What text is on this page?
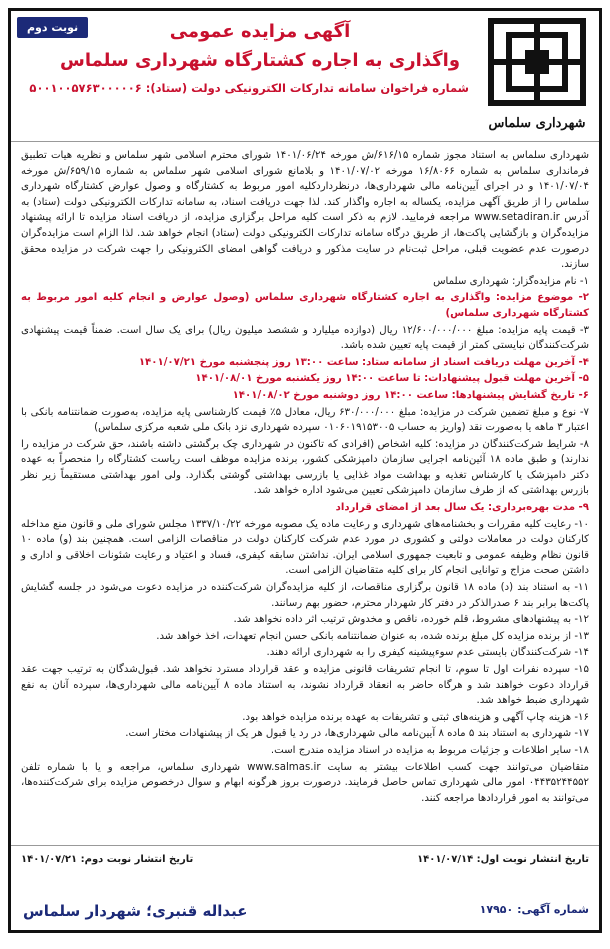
نوبت دوم
شهرداری سلماس

آگهی مزایده عمومی

واگذاری به اجاره کشتارگاه شهرداری سلماس

شماره فراخوان سامانه تدارکات الکترونیکی دولت (ستاد): ۵۰۰۱۰۰۵۷۶۳۰۰۰۰۰۶

شهرداری سلماس به استناد مجوز شماره ۶۱۶/۱۵/ش مورخه ۱۴۰۱/۰۶/۲۴ شورای محترم اسلامی شهر سلماس و نظریه هیات تطبیق فرمانداری سلماس به شماره ۱۶/۸۰۶۶ مورخه ۱۴۰۱/۰۷/۰۲ و بلامانع شورای اسلامی شهر سلماس به شماره ۶۵۹/۱۵/ش مورخه ۱۴۰۱/۰۷/۰۴ و در اجرای آیین‌نامه مالی شهرداری‌ها، درنظرداردکلیه امور مربوط به کشتارگاه و وصول عوارض کشتارگاه شهرداری سلماس را از طریق آگهی مزایده، یکساله به اجاره واگذار کند. لذا جهت دریافت اسناد، به سامانه تدارکات الکترونیکی دولت (ستاد) به آدرس www.setadiran.ir مراجعه فرمایید. لازم به ذکر است کلیه مراحل برگزاری مزایده، از دریافت اسناد مزایده تا ارائه پیشنهاد مزایده‌گران و بازگشایی پاکت‌ها، از طریق درگاه سامانه تدارکات الکترونیکی دولت (ستاد) انجام خواهد شد. لذا الزام است مزایده‌گران درصورت عدم عضویت قبلی، مراحل ثبت‌نام در سایت مذکور و دریافت گواهی امضای الکترونیکی را جهت شرکت در مزایده محقق سازند.

۱- نام مزایده‌گزار: شهرداری سلماس

۲- موضوع مزایده: واگذاری به اجاره کشتارگاه شهرداری سلماس (وصول عوارض و انجام کلیه امور مربوط به کشتارگاه شهرداری سلماس)

۳- قیمت پایه مزایده: مبلغ ۱۲/۶۰۰/۰۰۰/۰۰۰ ریال (دوازده میلیارد و ششصد میلیون ریال) برای یک سال است. ضمناً قیمت پیشنهادی شرکت‌کنندگان نبایستی کمتر از قیمت پایه تعیین شده باشد.

۴- آخرین مهلت دریافت اسناد از سامانه ستاد: ساعت ۱۳:۰۰ روز پنجشنبه مورخ ۱۴۰۱/۰۷/۲۱

۵- آخرین مهلت قبول پیشنهادات: تا ساعت ۱۴:۰۰ روز یکشنبه مورخ ۱۴۰۱/۰۸/۰۱

۶- تاریخ گشایش پیشنهادها: ساعت ۱۴:۰۰ روز دوشنبه مورخ ۱۴۰۱/۰۸/۰۲

۷- نوع و مبلغ تضمین شرکت در مزایده: مبلغ ۶۳۰/۰۰۰/۰۰۰ ریال، معادل ۵٪ قیمت کارشناسی پایه مزایده، به‌صورت ضمانتنامه بانکی با اعتبار ۳ ماهه یا به‌صورت نقد (واریز به حساب ۰۱۰۶۰۱۹۱۵۳۰۰۵ سپرده شهرداری نزد بانک ملی شعبه مرکزی سلماس)

۸- شرایط شرکت‌کنندگان در مزایده: کلیه اشخاص (افرادی که تاکنون در شهرداری چک برگشتی داشته باشند، حق شرکت در مزایده را ندارند) و طبق ماده ۱۸ آئین‌نامه اجرایی سازمان دامپزشکی کشور، برنده مزایده موظف است ریاست کشتارگاه را منحصراً به عهده دکتر دامپزشک یا کارشناس تغذیه و بهداشت مواد غذایی یا بازرسی بهداشتی گوشتی بگذارد. ولی امور بهداشتی مستقیماً زیر نظر بازرس بهداشتی که از طرف سازمان دامپزشکی تعیین می‌شود اداره خواهد شد.

۹- مدت بهره‌برداری: یک سال بعد از امضای قرارداد

۱۰- رعایت کلیه مقررات و بخشنامه‌های شهرداری و رعایت ماده یک مصوبه مورخه ۱۳۳۷/۱۰/۲۲ مجلس شورای ملی و قانون منع مداخله کارکنان دولت در معاملات دولتی و کشوری در مورد عدم شرکت کارکنان دولت در مناقصات الزامی است. همچنین بند (و) ماده ۱۰ قانون نظام وظیفه عمومی و تابعیت جمهوری اسلامی ایران. نداشتن سابقه کیفری، فساد و اعتیاد و رعایت شئونات اخلاقی و اداری و داشتن صحت مزاج و توانایی انجام کار برای کلیه متقاضیان الزامی است.

۱۱- به استناد بند (د) ماده ۱۸ قانون برگزاری مناقصات، از کلیه مزایده‌گران شرکت‌کننده در مزایده دعوت می‌شود در جلسه گشایش پاکت‌ها برابر بند ۶ صدرالذکر در دفتر کار شهردار محترم، حضور بهم رسانند.

۱۲- به پیشنهادهای مشروط، قلم خورده، ناقص و مخدوش ترتیب اثر داده نخواهد شد.

۱۳- از برنده مزایده کل مبلغ برنده شده، به عنوان ضمانتنامه بانکی حسن انجام تعهدات، اخذ خواهد شد.

۱۴- شرکت‌کنندگان بایستی عدم سوءپیشینه کیفری را به شهرداری ارائه دهند.

۱۵- سپرده نفرات اول تا سوم، تا انجام تشریفات قانونی مزایده و عقد قرارداد مسترد نخواهد شد. قبول‌شدگان به ترتیب جهت عقد قرارداد دعوت خواهند شد و هرگاه حاضر به انعقاد قرارداد نشوند، به استناد ماده ۸ آیین‌نامه مالی شهرداری‌ها، سپرده آنان به نفع شهرداری ضبط خواهد شد.

۱۶- هزینه چاپ آگهی و هزینه‌های ثبتی و تشریفات به عهده برنده مزایده خواهد بود.

۱۷- شهرداری به استناد بند ۵ ماده ۸ آیین‌نامه مالی شهرداری‌ها، در رد یا قبول هر یک از پیشنهادات مختار است.

۱۸- سایر اطلاعات و جزئیات مربوط به مزایده در اسناد مزایده مندرج است.

متقاضیان می‌توانند جهت کسب اطلاعات بیشتر به سایت www.salmas.ir شهرداری سلماس، مراجعه و یا با شماره تلفن ۰۴۴۳۵۲۴۴۵۵۲ امور مالی شهرداری تماس حاصل فرمایند. درصورت بروز هرگونه ابهام و سوال درخصوص مزایده برای شرکت‌کننده‌ها، می‌توانند به امور قراردادها مراجعه کنند.

تاریخ انتشار نوبت اول: ۱۴۰۱/۰۷/۱۴
تاریخ انتشار نوبت دوم: ۱۴۰۱/۰۷/۲۱
شماره آگهی: ۱۷۹۵۰
عبداله قنبری؛ شهردار سلماس
